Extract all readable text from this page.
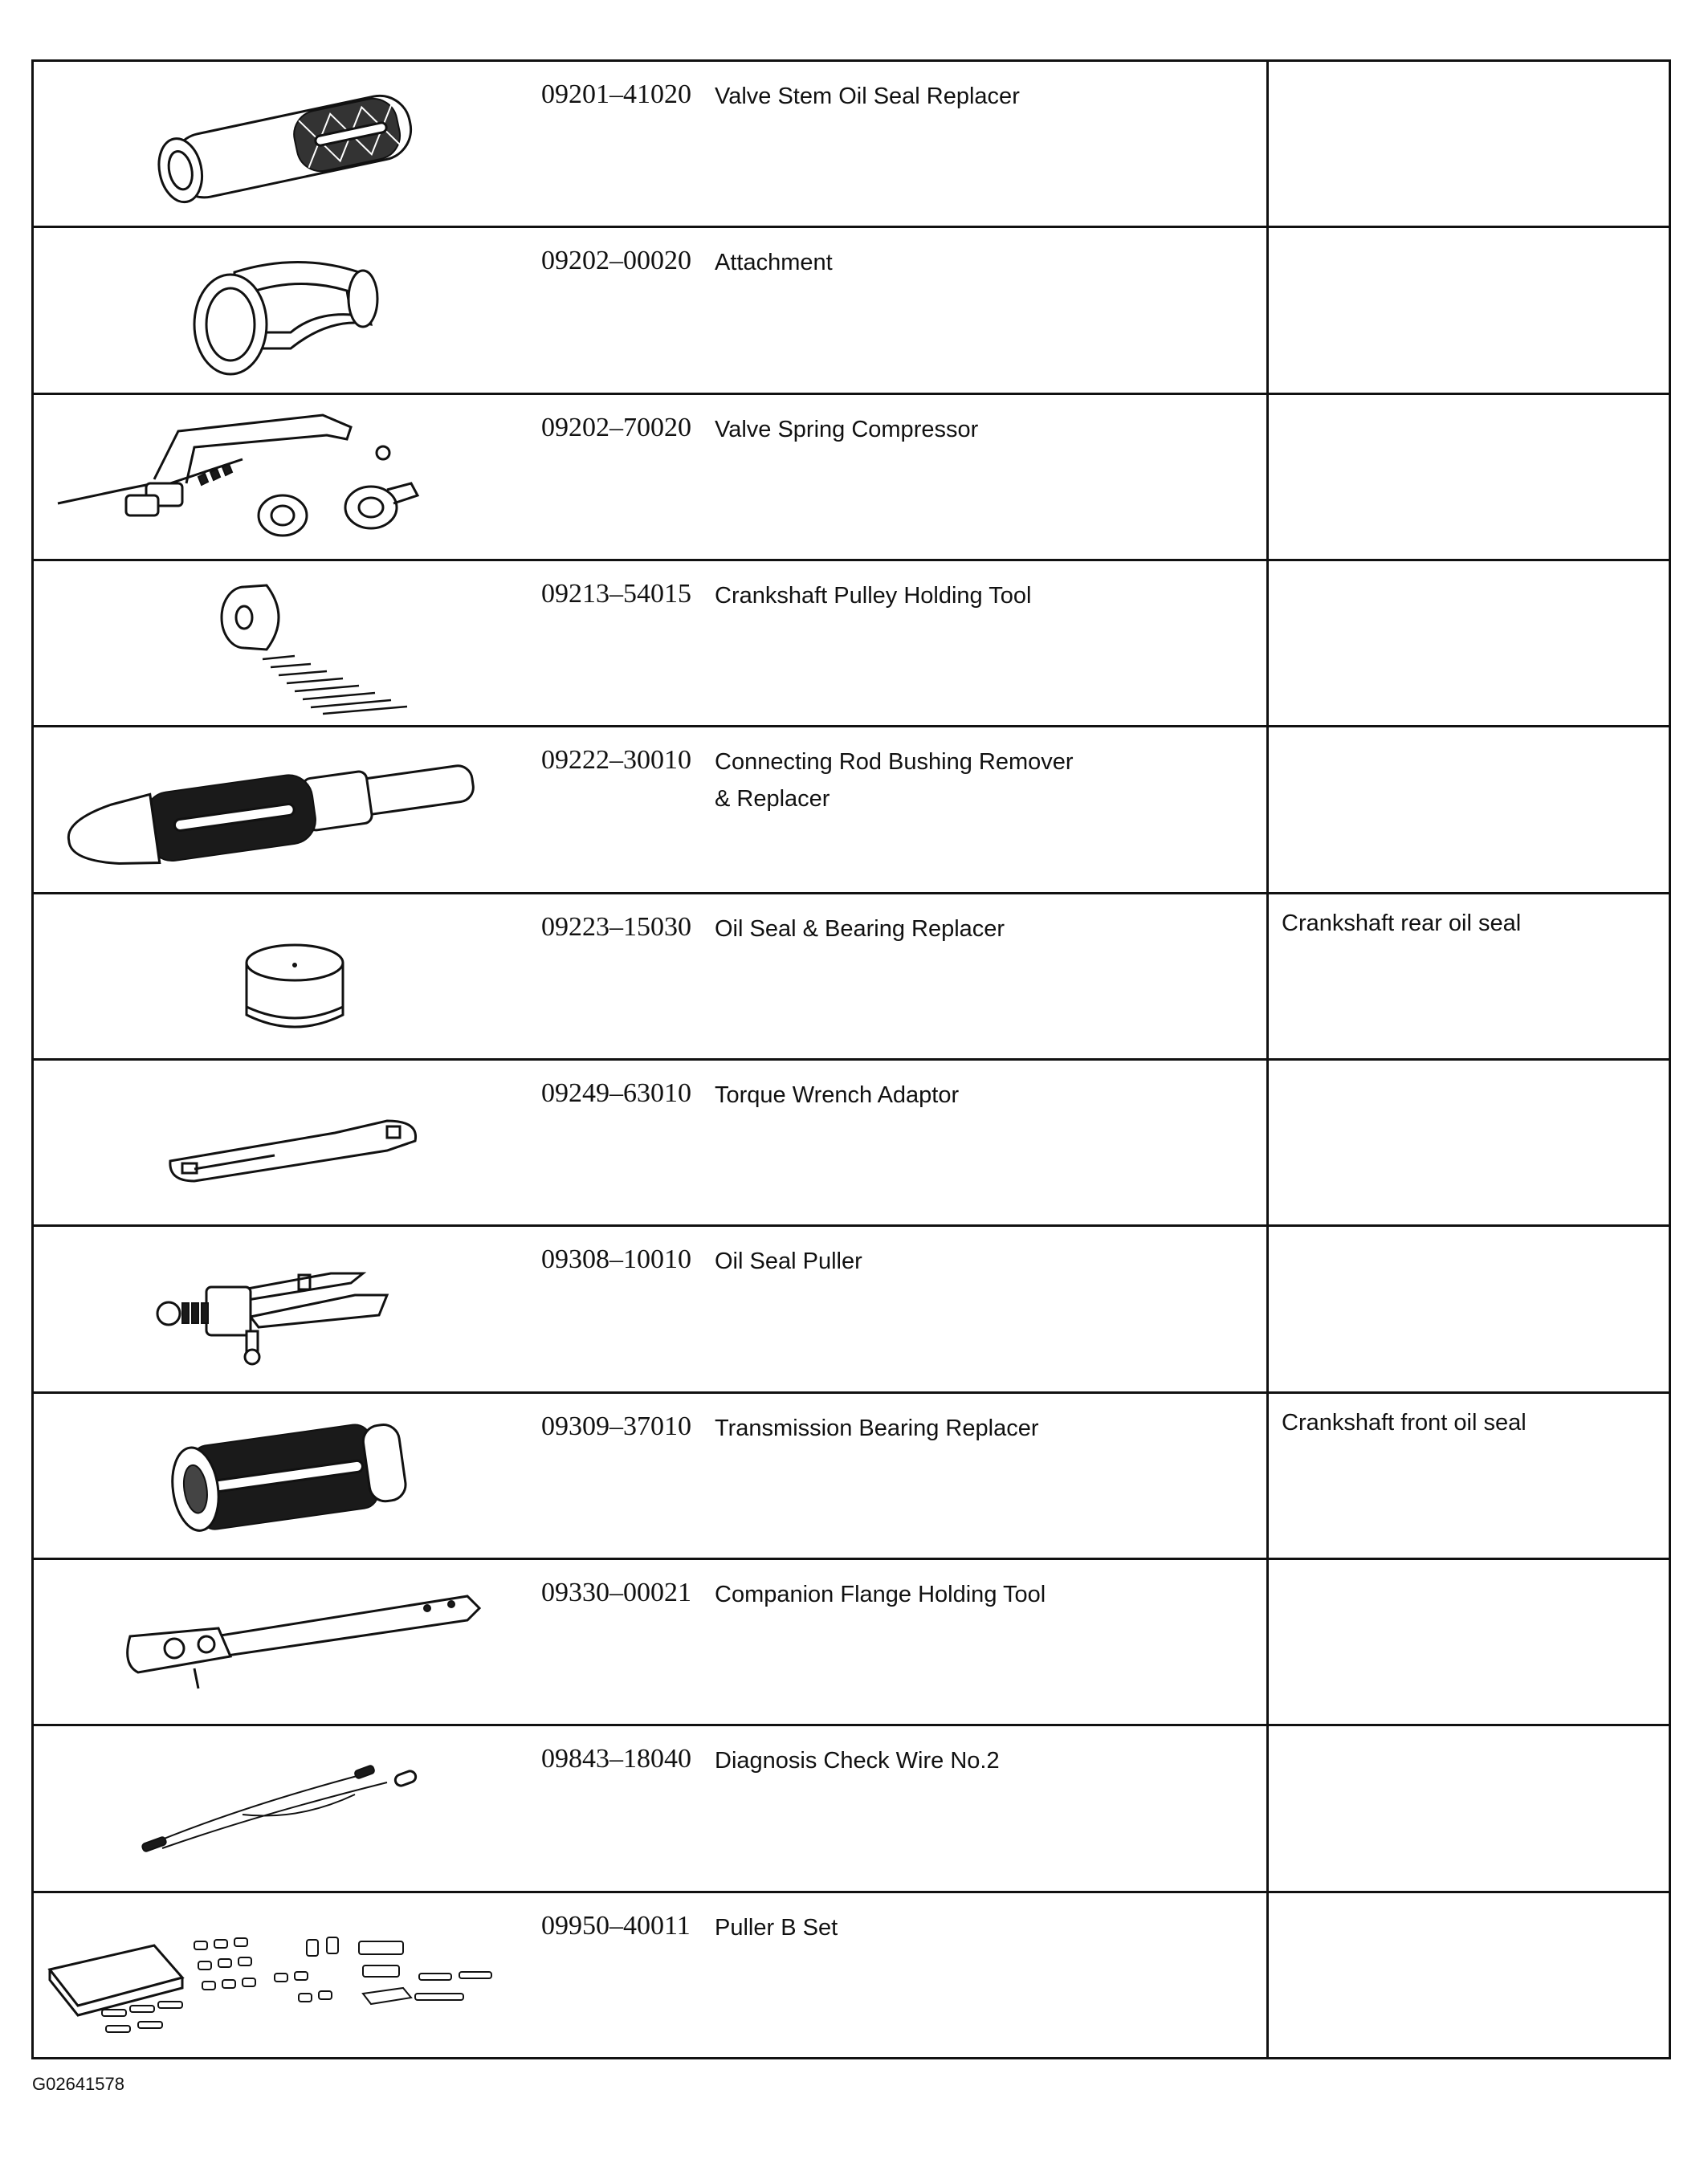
09201–41020	Valve Stem Oil Seal Replacer
09202–00020	Attachment
09202–70020	Valve Spring Compressor
09213–54015	Crankshaft Pulley Holding Tool
09222–30010	Connecting Rod Bushing Remover
& Replacer
09223–15030	Oil Seal & Bearing Replacer	Crankshaft rear oil seal
09249–63010	Torque Wrench Adaptor
09308–10010	Oil Seal Puller
09309–37010	Transmission Bearing Replacer	Crankshaft front oil seal
09330–00021	Companion Flange Holding Tool
09843–18040	Diagnosis Check Wire No.2
09950–40011	Puller B Set
G02641578
